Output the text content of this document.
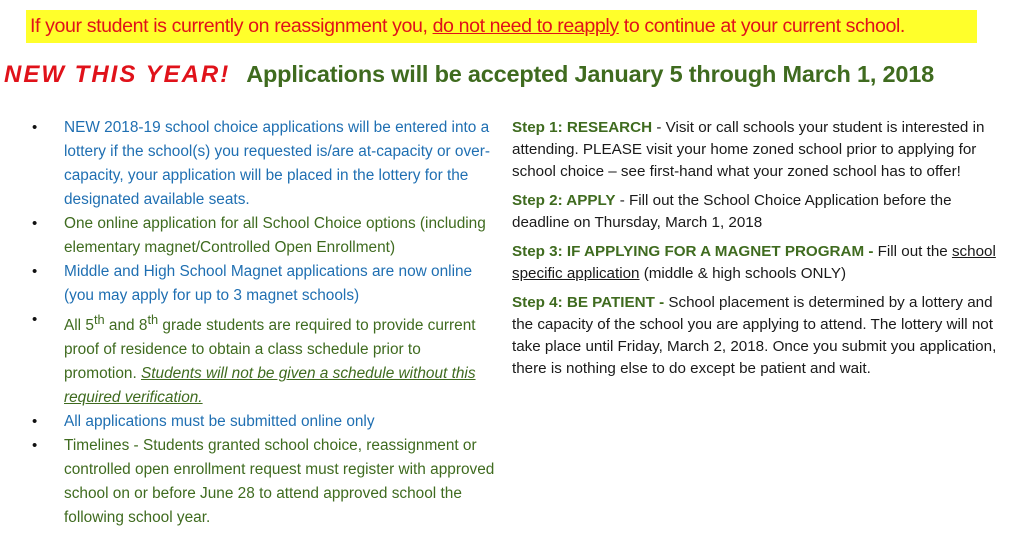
If your student is currently on reassignment you, do not need to reapply to continue at your current school.
NEW THIS YEAR! Applications will be accepted January 5 through March 1, 2018
• NEW 2018-19 school choice applications will be entered into a lottery if the school(s) you requested is/are at-capacity or over-capacity, your application will be placed in the lottery for the designated available seats.
• One online application for all School Choice options (including elementary magnet/Controlled Open Enrollment)
• Middle and High School Magnet applications are now online (you may apply for up to 3 magnet schools)
• All 5th and 8th grade students are required to provide current proof of residence to obtain a class schedule prior to promotion. Students will not be given a schedule without this required verification.
• All applications must be submitted online only
• Timelines - Students granted school choice, reassignment or controlled open enrollment request must register with approved school on or before June 28 to attend approved school the following school year.

Step 1: RESEARCH - Visit or call schools your student is interested in attending. PLEASE visit your home zoned school prior to applying for school choice – see first-hand what your zoned school has to offer!

Step 2: APPLY - Fill out the School Choice Application before the deadline on Thursday, March 1, 2018

Step 3: IF APPLYING FOR A MAGNET PROGRAM - Fill out the school specific application (middle & high schools ONLY)

Step 4: BE PATIENT - School placement is determined by a lottery and the capacity of the school you are applying to attend. The lottery will not take place until Friday, March 2, 2018. Once you submit you application, there is nothing else to do except be patient and wait.
